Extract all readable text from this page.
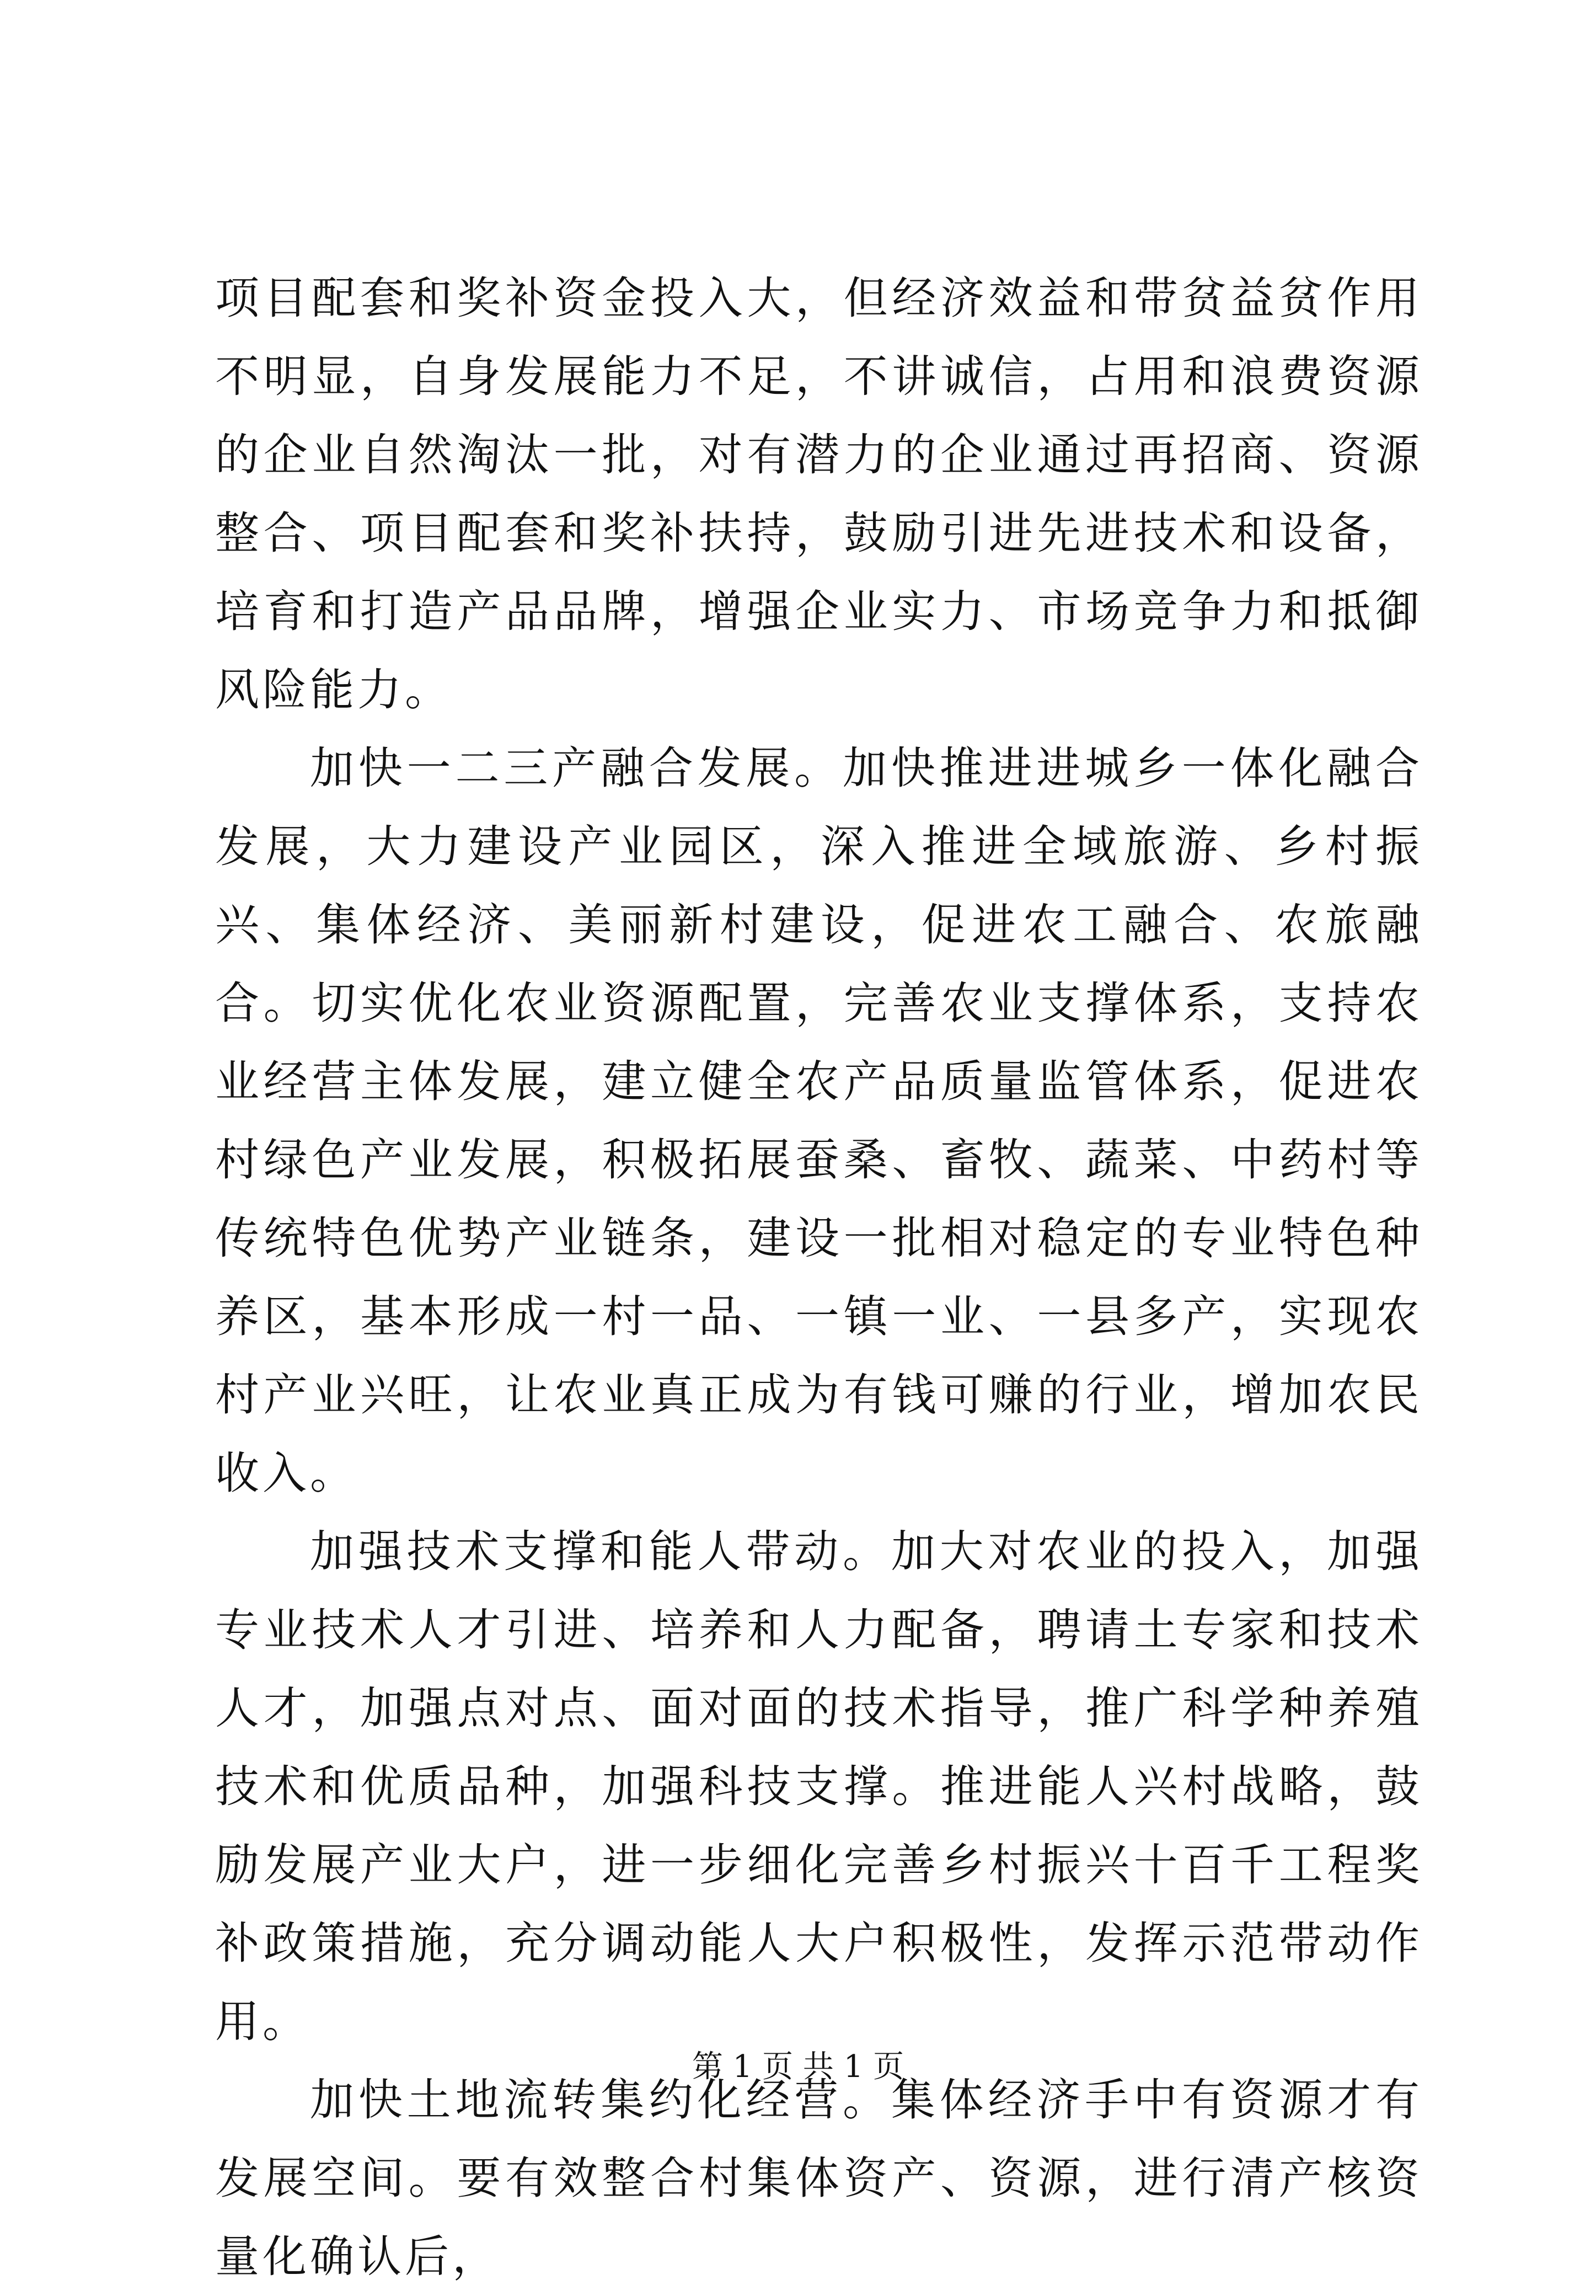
项目配套和奖补资金投入大，但经济效益和带贫益贫作用不明显，自身发展能力不足，不讲诚信，占用和浪费资源的企业自然淘汰一批，对有潜力的企业通过再招商、资源整合、项目配套和奖补扶持，鼓励引进先进技术和设备，培育和打造产品品牌，增强企业实力、市场竞争力和抵御风险能力。

加快一二三产融合发展。加快推进进城乡一体化融合发展，大力建设产业园区，深入推进全域旅游、乡村振兴、集体经济、美丽新村建设，促进农工融合、农旅融合。切实优化农业资源配置，完善农业支撑体系，支持农业经营主体发展，建立健全农产品质量监管体系，促进农村绿色产业发展，积极拓展蚕桑、畜牧、蔬菜、中药村等传统特色优势产业链条，建设一批相对稳定的专业特色种养区，基本形成一村一品、一镇一业、一县多产，实现农村产业兴旺，让农业真正成为有钱可赚的行业，增加农民收入。

加强技术支撑和能人带动。加大对农业的投入，加强专业技术人才引进、培养和人力配备，聘请土专家和技术人才，加强点对点、面对面的技术指导，推广科学种养殖技术和优质品种，加强科技支撑。推进能人兴村战略，鼓励发展产业大户，进一步细化完善乡村振兴十百千工程奖补政策措施，充分调动能人大户积极性，发挥示范带动作用。

加快土地流转集约化经营。集体经济手中有资源才有发展空间。要有效整合村集体资产、资源，进行清产核资量化确认后，

第 1 页 共 1 页
